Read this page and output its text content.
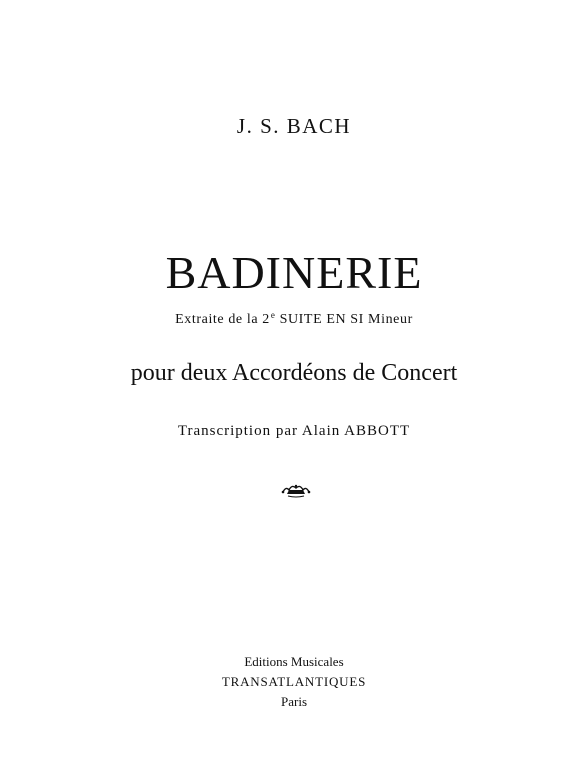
J. S. BACH
BADINERIE
Extraite de la 2e SUITE EN SI Mineur
pour deux Accordéons de Concert
Transcription par Alain ABBOTT
Editions Musicales
TRANSATLANTIQUES
Paris
